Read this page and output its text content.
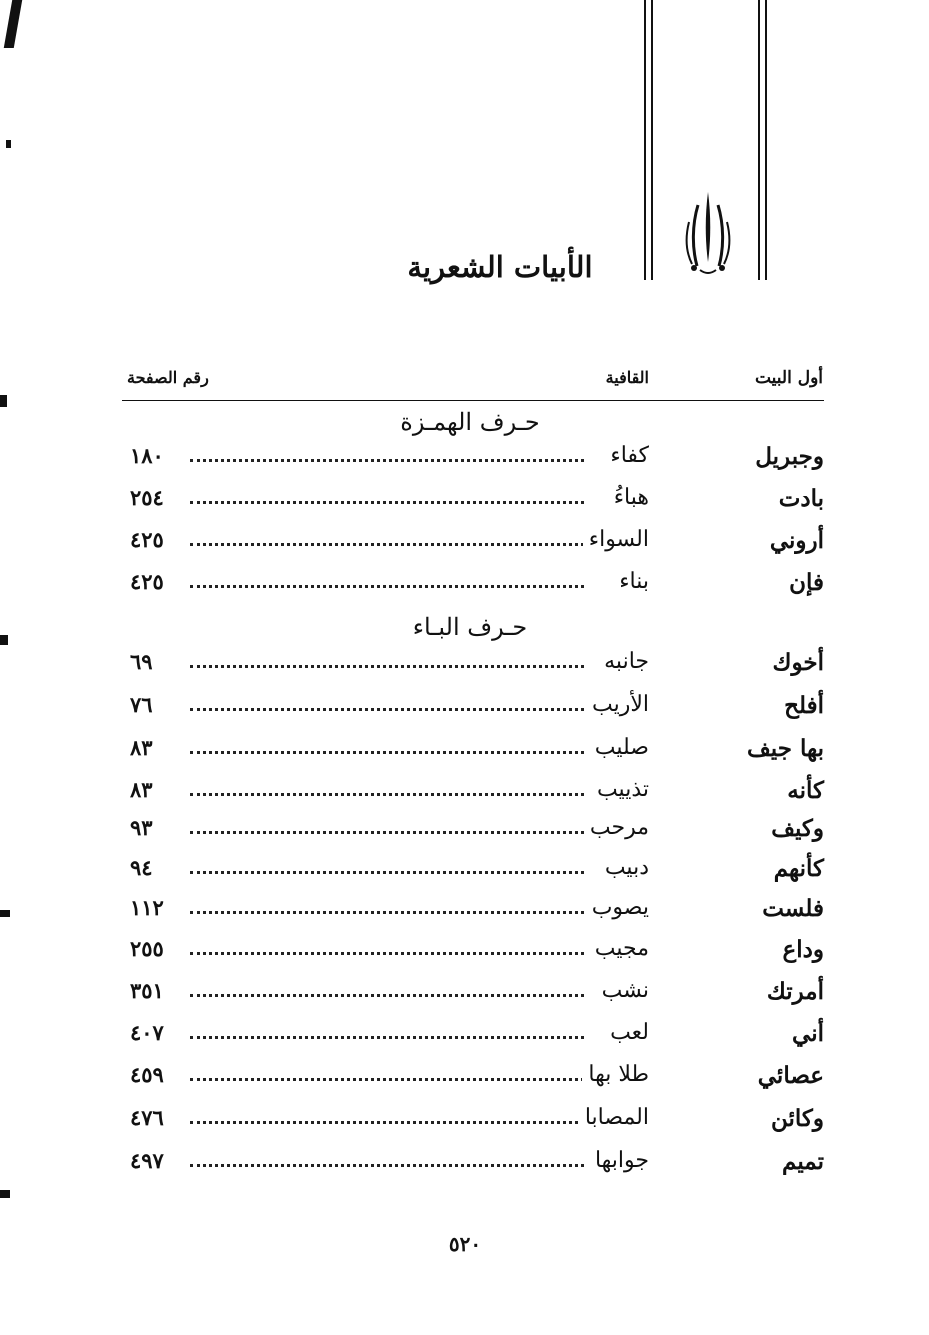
الأبيات الشعرية
أول البيت
القافية
رقم الصفحة
حـرف الهمـزة
وجبريل
كفاء
١٨٠
بادت
هباءُ
٢٥٤
أروني
السواء
٤٢٥
فإن
بناء
٤٢٥
حـرف البـاء
أخوك
جانبه
٦٩
أفلح
الأريب
٧٦
بها جيف
صليب
٨٣
كأنه
تذييب
٨٣
وكيف
مرحب
٩٣
كأنهم
دبيب
٩٤
فلست
يصوب
١١٢
وداع
مجيب
٢٥٥
أمرتك
نشب
٣٥١
أني
لعب
٤٠٧
عصائي
طلا بها
٤٥٩
وكائن
المصابا
٤٧٦
تميم
جوابها
٤٩٧
٥٢٠
